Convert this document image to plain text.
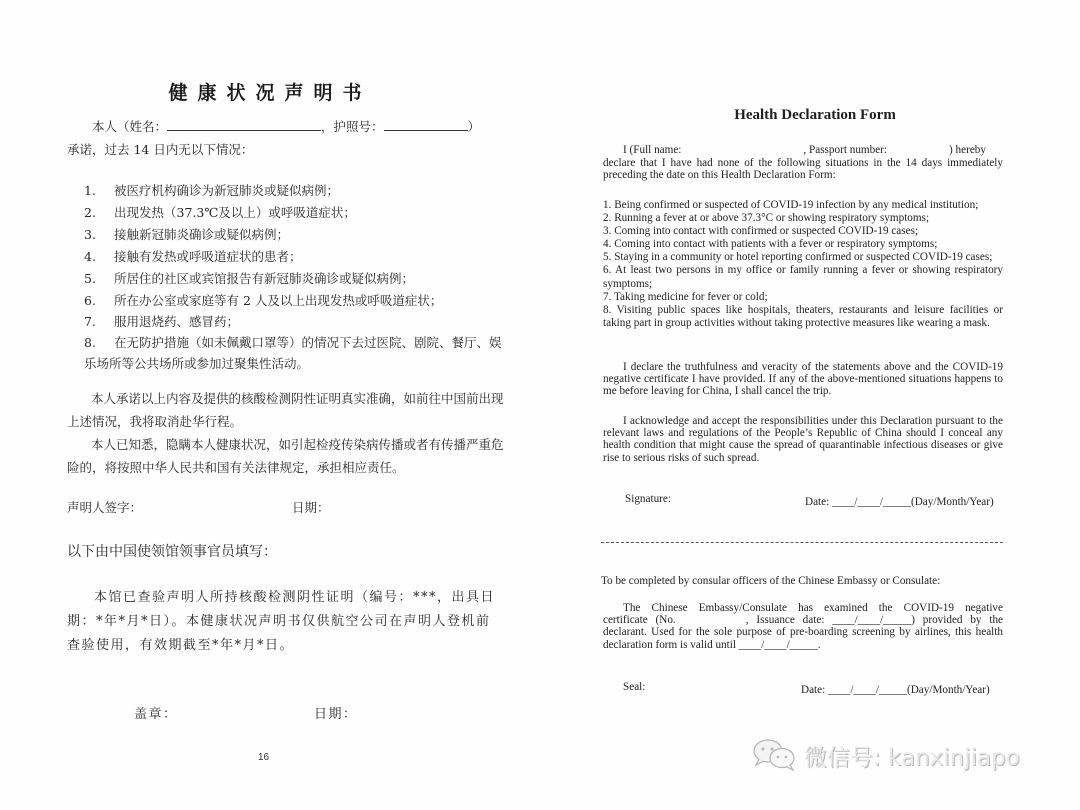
健康状况声明书
本人（姓名：	，护照号：	）
承诺，过去 14 日内无以下情况：
1. 被医疗机构确诊为新冠肺炎或疑似病例；
2. 出现发热（37.3℃及以上）或呼吸道症状；
3. 接触新冠肺炎确诊或疑似病例；
4. 接触有发热或呼吸道症状的患者；
5. 所居住的社区或宾馆报告有新冠肺炎确诊或疑似病例；
6. 所在办公室或家庭等有 2 人及以上出现发热或呼吸道症状；
7. 服用退烧药、感冒药；
8. 在无防护措施（如未佩戴口罩等）的情况下去过医院、剧院、餐厅、娱
乐场所等公共场所或参加过聚集性活动。
本人承诺以上内容及提供的核酸检测阴性证明真实准确，如前往中国前出现
上述情况，我将取消赴华行程。
本人已知悉，隐瞒本人健康状况，如引起检疫传染病传播或者有传播严重危
险的，将按照中华人民共和国有关法律规定，承担相应责任。
声明人签字：	日期：
以下由中国使领馆领事官员填写：
本馆已查验声明人所持核酸检测阴性证明（编号：***，出具日
期：*年*月*日）。本健康状况声明书仅供航空公司在声明人登机前
查验使用，有效期截至*年*月*日。
盖章：	日期：
16
Health Declaration Form
I (Full name:	, Passport number:	) hereby

declare that I have had none of the following situations in the 14 days immediately

preceding the date on this Health Declaration Form:

1. Being confirmed or suspected of COVID-19 infection by any medical institution;

2. Running a fever at or above 37.3°C or showing respiratory symptoms;

3. Coming into contact with confirmed or suspected COVID-19 cases;

4. Coming into contact with patients with a fever or respiratory symptoms;

5. Staying in a community or hotel reporting confirmed or suspected COVID-19 cases;

6. At least two persons in my office or family running a fever or showing respiratory symptoms;

7. Taking medicine for fever or cold;

8. Visiting public spaces like hospitals, theaters, restaurants and leisure facilities or taking part in group activities without taking protective measures like wearing a mask.

I declare the truthfulness and veracity of the statements above and the COVID-19 negative certificate I have provided. If any of the above-mentioned situations happens to me before leaving for China, I shall cancel the trip.
I acknowledge and accept the responsibilities under this Declaration pursuant to the relevant laws and regulations of the People’s Republic of China should I conceal any health condition that might cause the spread of quarantinable infectious diseases or give rise to serious risks of such spread.
Signature:	Date: ____/____/_____(Day/Month/Year)
To be completed by consular officers of the Chinese Embassy or Consulate:

The Chinese Embassy/Consulate has examined the COVID-19 negative

certificate (No.	, Issuance date: ____/____/_____) provided by the

declarant. Used for the sole purpose of pre-boarding screening by airlines, this health

declaration form is valid until ____/____/_____.

Seal:	Date: ____/____/_____(Day/Month/Year)
微信号: kanxinjiapo
